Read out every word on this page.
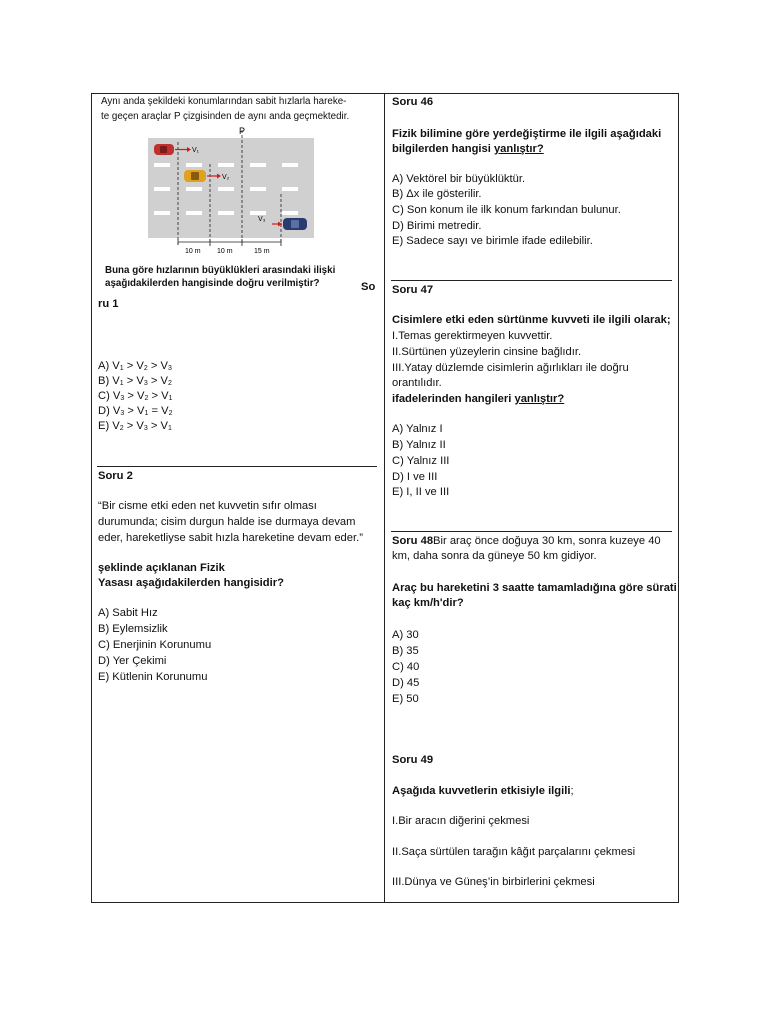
Aynı anda şekildeki konumlarından sabit hızlarla hareke-
te geçen araçlar P çizgisinden de aynı anda geçmektedir.
P
V₁
V₂
V₃
10 m 10 m	15 m
Buna göre hızlarının büyüklükleri arasındaki ilişki
aşağıdakilerden hangisinde doğru verilmiştir?	So
ru 1
A) $V_1 > V_2 > V_3$
B) $V_1 > V_3 > V_2$
C) $V_3 > V_2 > V_1$
D) $V_3 > V_1 = V_2$
E) $V_2 > V_3 > V_1$
Soru 2
“Bir cisme etki eden net kuvvetin sıfır olması
durumunda; cisim durgun halde ise durmaya devam
eder, hareketliyse sabit hızla hareketine devam eder.”
şeklinde açıklanan Fizik
Yasası aşağıdakilerden hangisidir?
A) Sabit Hız
B) Eylemsizlik
C) Enerjinin Korunumu
D) Yer Çekimi
E) Kütlenin Korunumu
Soru 46
Fizik bilimine göre yerdeğiştirme ile ilgili aşağıdaki
bilgilerden hangisi yanlıştır?
A) Vektörel bir büyüklüktür.
B) Δx ile gösterilir.
C) Son konum ile ilk konum farkından bulunur.
D) Birimi metredir.
E) Sadece sayı ve birimle ifade edilebilir.
Soru 47
Cisimlere etki eden sürtünme kuvveti ile ilgili olarak;
I.Temas gerektirmeyen kuvvettir.
II.Sürtünen yüzeylerin cinsine bağlıdır.
III.Yatay düzlemde cisimlerin ağırlıkları ile doğru
orantılıdır.
ifadelerinden hangileri yanlıştır?
A) Yalnız I
B) Yalnız II
C) Yalnız III
D) I ve III
E) I, II ve III
Soru 48Bir araç önce doğuya 30 km, sonra kuzeye 40
km, daha sonra da güneye 50 km gidiyor.
Araç bu hareketini 3 saatte tamamladığına göre sürati
kaç km/h'dir?
A) 30
B) 35
C) 40
D) 45
E) 50
Soru 49
Aşağıda kuvvetlerin etkisiyle ilgili;
I.Bir aracın diğerini çekmesi
II.Saça sürtülen tarağın kâğıt parçalarını çekmesi
III.Dünya ve Güneş’in birbirlerini çekmesi
